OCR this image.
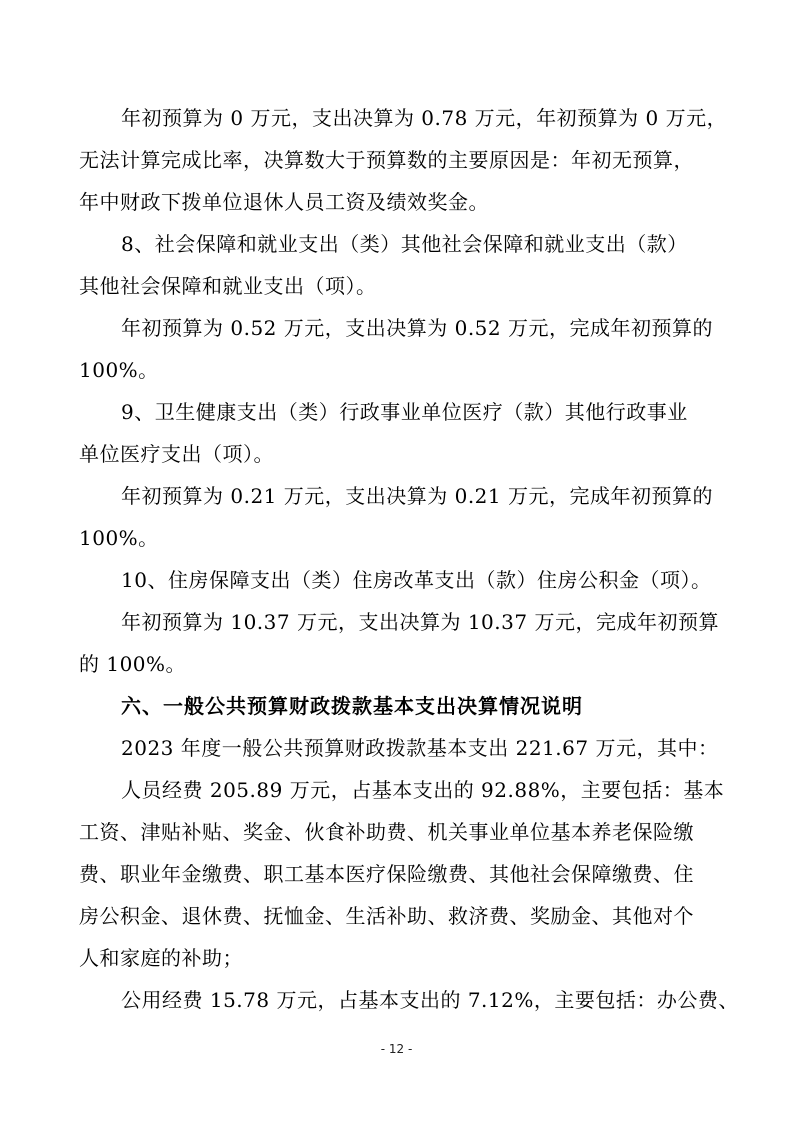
年初预算为 0 万元，支出决算为 0.78 万元，年初预算为 0 万元，
无法计算完成比率，决算数大于预算数的主要原因是：年初无预算，
年中财政下拨单位退休人员工资及绩效奖金。
8、社会保障和就业支出（类）其他社会保障和就业支出（款）
其他社会保障和就业支出（项）。
年初预算为 0.52 万元，支出决算为 0.52 万元，完成年初预算的
100%。
9、卫生健康支出（类）行政事业单位医疗（款）其他行政事业
单位医疗支出（项）。
年初预算为 0.21 万元，支出决算为 0.21 万元，完成年初预算的
100%。
10、住房保障支出（类）住房改革支出（款）住房公积金（项）。
年初预算为 10.37 万元，支出决算为 10.37 万元，完成年初预算
的 100%。
六、一般公共预算财政拨款基本支出决算情况说明
2023 年度一般公共预算财政拨款基本支出 221.67 万元，其中：
人员经费 205.89 万元，占基本支出的 92.88%，主要包括：基本
工资、津贴补贴、奖金、伙食补助费、机关事业单位基本养老保险缴
费、职业年金缴费、职工基本医疗保险缴费、其他社会保障缴费、住
房公积金、退休费、抚恤金、生活补助、救济费、奖励金、其他对个
人和家庭的补助；
公用经费 15.78 万元，占基本支出的 7.12%，主要包括：办公费、
- 12 -
